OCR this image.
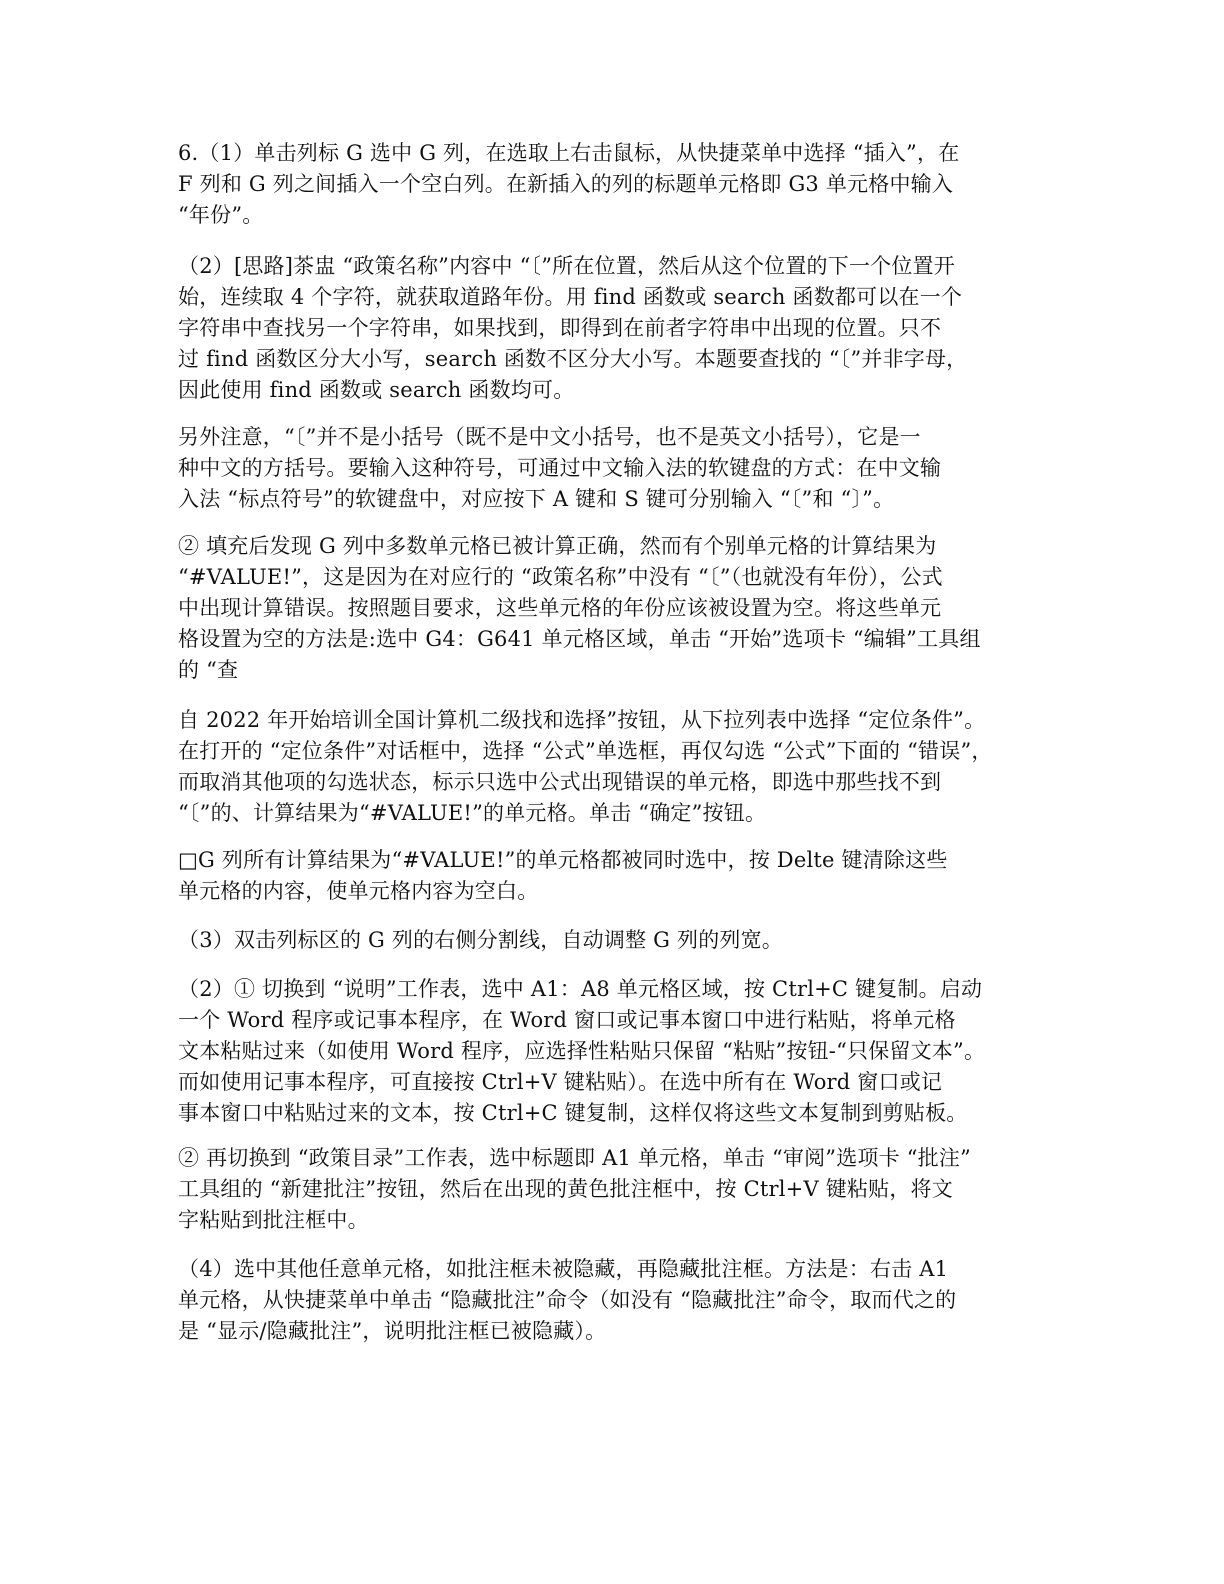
6.（1）单击列标 G 选中 G 列，在选取上右击鼠标，从快捷菜单中选择 “插入”，在
F 列和 G 列之间插入一个空白列。在新插入的列的标题单元格即 G3 单元格中输入
“年份”。
（2）[思路]茶盅 “政策名称”内容中 “〔”所在位置，然后从这个位置的下一个位置开
始，连续取 4 个字符，就获取道路年份。用 find 函数或 search 函数都可以在一个
字符串中查找另一个字符串，如果找到，即得到在前者字符串中出现的位置。只不
过 find 函数区分大小写，search 函数不区分大小写。本题要查找的 “〔”并非字母，
因此使用 find 函数或 search 函数均可。
另外注意，“〔”并不是小括号（既不是中文小括号，也不是英文小括号），它是一
种中文的方括号。要输入这种符号，可通过中文输入法的软键盘的方式：在中文输
入法 “标点符号”的软键盘中，对应按下 A 键和 S 键可分别输入 “〔”和 “〕”。
② 填充后发现 G 列中多数单元格已被计算正确，然而有个别单元格的计算结果为
“#VALUE!”，这是因为在对应行的 “政策名称”中没有 “〔”（也就没有年份），公式
中出现计算错误。按照题目要求，这些单元格的年份应该被设置为空。将这些单元
格设置为空的方法是:选中 G4：G641 单元格区域，单击 “开始”选项卡 “编辑”工具组
的 “查
自 2022 年开始培训全国计算机二级找和选择”按钮，从下拉列表中选择 “定位条件”。
在打开的 “定位条件”对话框中，选择 “公式”单选框，再仅勾选 “公式”下面的 “错误”，
而取消其他项的勾选状态，标示只选中公式出现错误的单元格，即选中那些找不到
“〔”的、计算结果为“#VALUE!”的单元格。单击 “确定”按钮。
□G 列所有计算结果为“#VALUE!”的单元格都被同时选中，按 Delte 键清除这些
单元格的内容，使单元格内容为空白。
（3）双击列标区的 G 列的右侧分割线，自动调整 G 列的列宽。
（2）① 切换到 “说明”工作表，选中 A1：A8 单元格区域，按 Ctrl+C 键复制。启动
一个 Word 程序或记事本程序，在 Word 窗口或记事本窗口中进行粘贴，将单元格
文本粘贴过来（如使用 Word 程序，应选择性粘贴只保留 “粘贴”按钮-“只保留文本”。
而如使用记事本程序，可直接按 Ctrl+V 键粘贴）。在选中所有在 Word 窗口或记
事本窗口中粘贴过来的文本，按 Ctrl+C 键复制，这样仅将这些文本复制到剪贴板。
② 再切换到 “政策目录”工作表，选中标题即 A1 单元格，单击 “审阅”选项卡 “批注”
工具组的 “新建批注”按钮，然后在出现的黄色批注框中，按 Ctrl+V 键粘贴，将文
字粘贴到批注框中。
（4）选中其他任意单元格，如批注框未被隐藏，再隐藏批注框。方法是：右击 A1
单元格，从快捷菜单中单击 “隐藏批注”命令（如没有 “隐藏批注”命令，取而代之的
是 “显示/隐藏批注”，说明批注框已被隐藏）。
